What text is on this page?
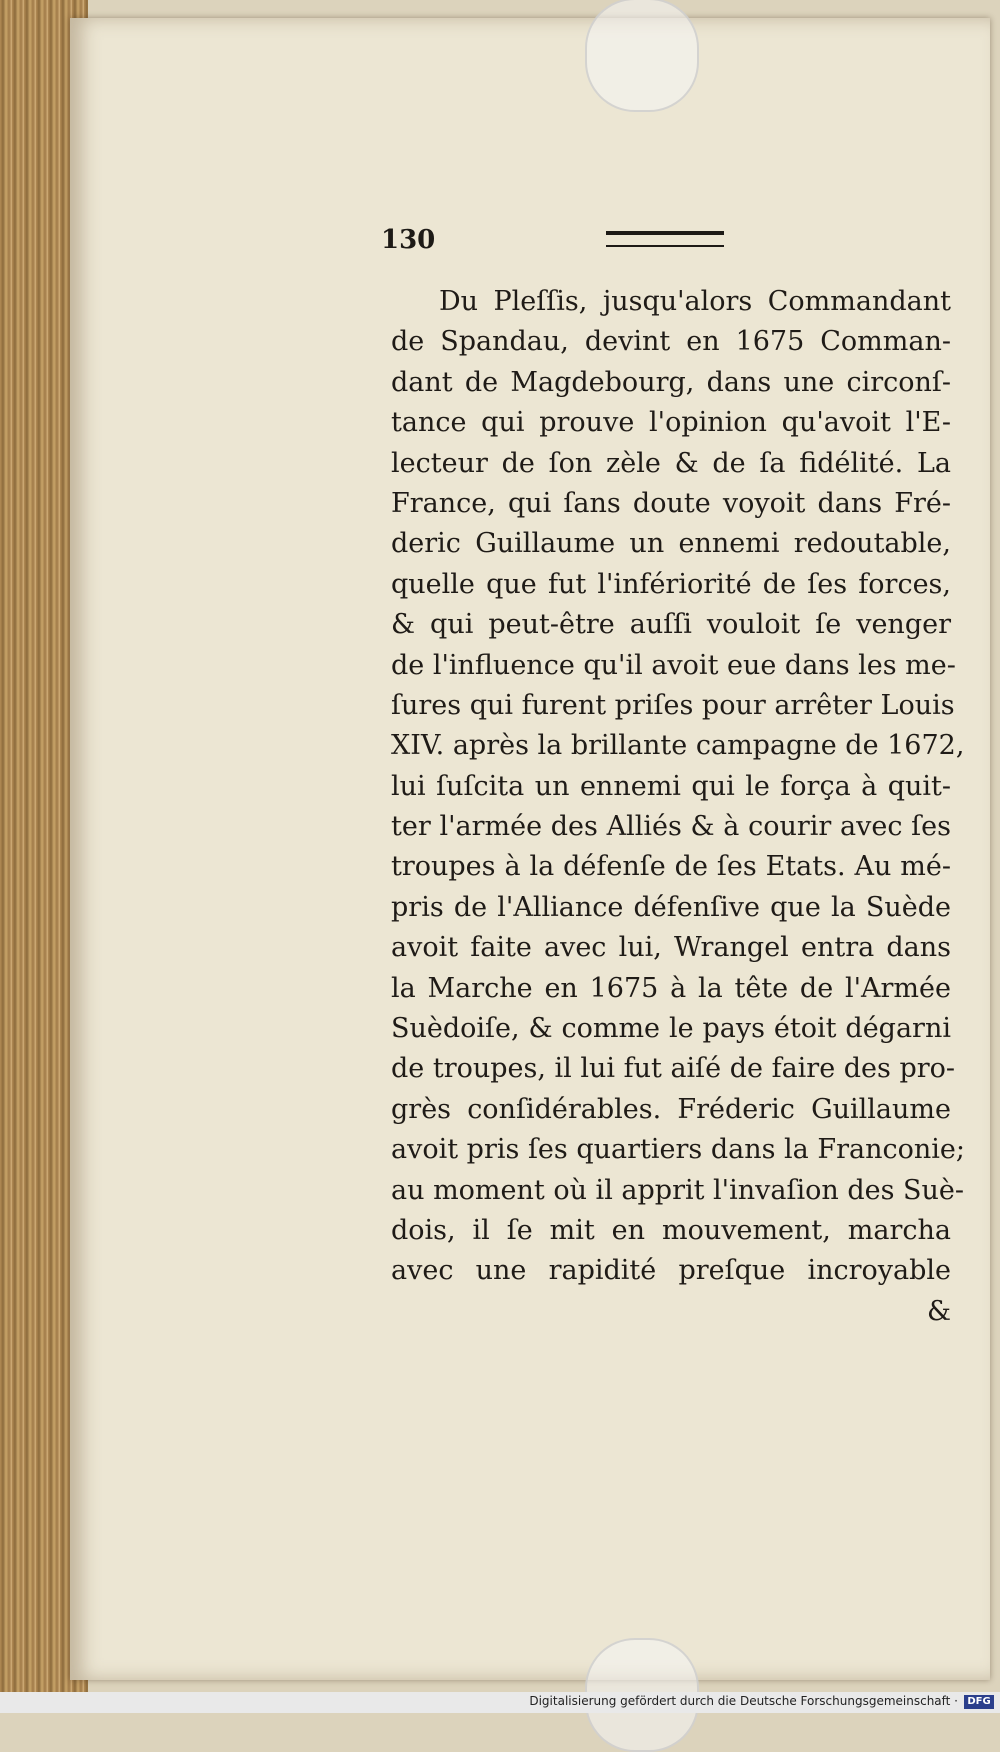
130
Du Pleſſis, jusqu'alors Commandant
de Spandau, devint en 1675 Comman-
dant de Magdebourg, dans une circonſ-
tance qui prouve l'opinion qu'avoit l'E-
lecteur de ſon zèle & de ſa fidélité. La
France, qui ſans doute voyoit dans Fré-
deric Guillaume un ennemi redoutable,
quelle que fut l'infériorité de ſes forces,
& qui peut-être auſſi vouloit ſe venger
de l'influence qu'il avoit eue dans les me-
ſures qui furent priſes pour arrêter Louis
XIV. après la brillante campagne de 1672,
lui ſuſcita un ennemi qui le força à quit-
ter l'armée des Alliés & à courir avec ſes
troupes à la défenſe de ſes Etats. Au mé-
pris de l'Alliance défenſive que la Suède
avoit faite avec lui, Wrangel entra dans
la Marche en 1675 à la tête de l'Armée
Suèdoiſe, & comme le pays étoit dégarni
de troupes, il lui fut aiſé de faire des pro-
grès conſidérables. Fréderic Guillaume
avoit pris ſes quartiers dans la Franconie;
au moment où il apprit l'invaſion des Suè-
dois, il ſe mit en mouvement, marcha
avec une rapidité preſque incroyable
&
Digitalisierung gefördert durch die Deutsche Forschungsgemeinschaft · DFG
